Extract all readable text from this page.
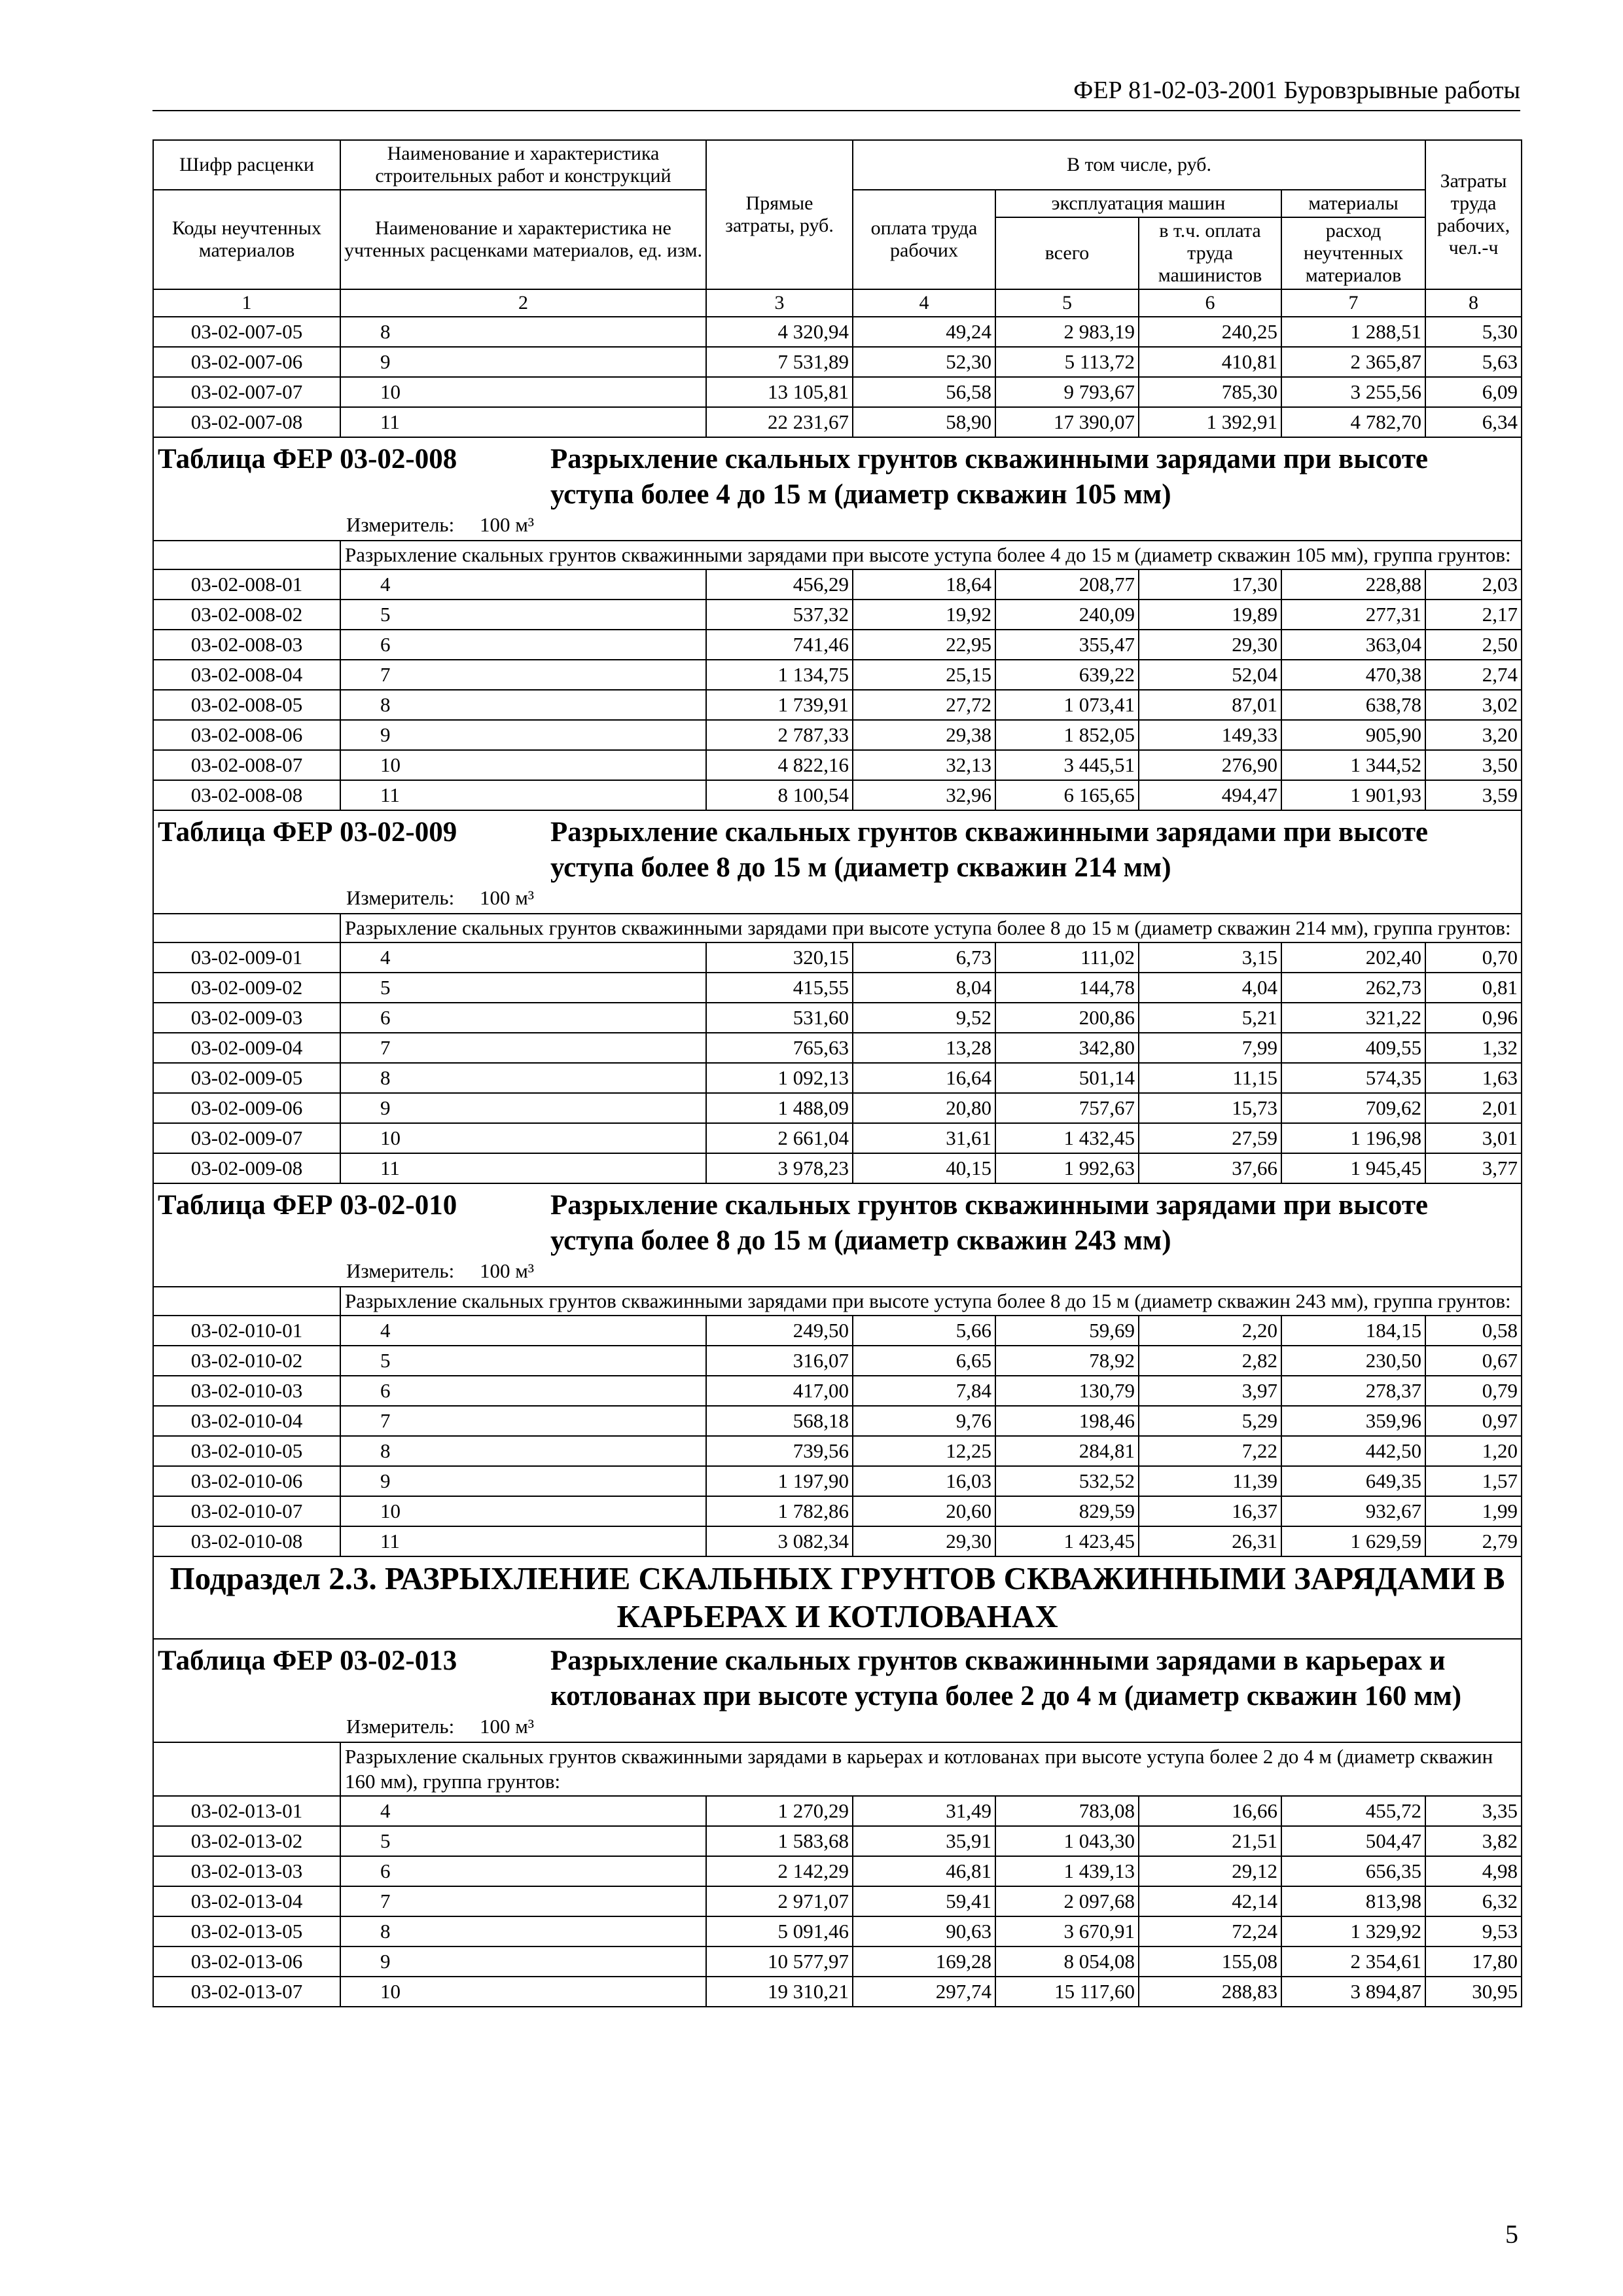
ФЕР 81-02-03-2001 Буровзрывные работы
Шифр расценки	Наименование и характеристика строительных работ и конструкций	Прямые затраты, руб.	В том числе, руб.				Затраты труда рабочих, чел.-ч
Коды неучтенных материалов	Наименование и характеристика не учтенных расценками материалов, ед. изм.						
			оплата труда рабочих	эксплуатация машин		материалы	
				всего	в т.ч. оплата труда машинистов	расход неучтенных материалов	
1	2	3	4	5	6	7	8
03-02-007-05	8	4 320,94	49,24	2 983,19	240,25	1 288,51	5,30
03-02-007-06	9	7 531,89	52,30	5 113,72	410,81	2 365,87	5,63
03-02-007-07	10	13 105,81	56,58	9 793,67	785,30	3 255,56	6,09
03-02-007-08	11	22 231,67	58,90	17 390,07	1 392,91	4 782,70	6,34

Таблица ФЕР 03-02-008 Разрыхление скальных грунтов скважинными зарядами при высоте уступа более 4 до 15 м (диаметр скважин 105 мм)
Измеритель: 100 м³							

	Разрыхление скальных грунтов скважинными зарядами при высоте уступа более 4 до 15 м (диаметр скважин 105 мм), группа грунтов:						
03-02-008-01	4	456,29	18,64	208,77	17,30	228,88	2,03
03-02-008-02	5	537,32	19,92	240,09	19,89	277,31	2,17
03-02-008-03	6	741,46	22,95	355,47	29,30	363,04	2,50
03-02-008-04	7	1 134,75	25,15	639,22	52,04	470,38	2,74
03-02-008-05	8	1 739,91	27,72	1 073,41	87,01	638,78	3,02
03-02-008-06	9	2 787,33	29,38	1 852,05	149,33	905,90	3,20
03-02-008-07	10	4 822,16	32,13	3 445,51	276,90	1 344,52	3,50
03-02-008-08	11	8 100,54	32,96	6 165,65	494,47	1 901,93	3,59

Таблица ФЕР 03-02-009 Разрыхление скальных грунтов скважинными зарядами при высоте уступа более 8 до 15 м (диаметр скважин 214 мм)
Измеритель: 100 м³							

	Разрыхление скальных грунтов скважинными зарядами при высоте уступа более 8 до 15 м (диаметр скважин 214 мм), группа грунтов:						
03-02-009-01	4	320,15	6,73	111,02	3,15	202,40	0,70
03-02-009-02	5	415,55	8,04	144,78	4,04	262,73	0,81
03-02-009-03	6	531,60	9,52	200,86	5,21	321,22	0,96
03-02-009-04	7	765,63	13,28	342,80	7,99	409,55	1,32
03-02-009-05	8	1 092,13	16,64	501,14	11,15	574,35	1,63
03-02-009-06	9	1 488,09	20,80	757,67	15,73	709,62	2,01
03-02-009-07	10	2 661,04	31,61	1 432,45	27,59	1 196,98	3,01
03-02-009-08	11	3 978,23	40,15	1 992,63	37,66	1 945,45	3,77

Таблица ФЕР 03-02-010 Разрыхление скальных грунтов скважинными зарядами при высоте уступа более 8 до 15 м (диаметр скважин 243 мм)
Измеритель: 100 м³							

	Разрыхление скальных грунтов скважинными зарядами при высоте уступа более 8 до 15 м (диаметр скважин 243 мм), группа грунтов:						
03-02-010-01	4	249,50	5,66	59,69	2,20	184,15	0,58
03-02-010-02	5	316,07	6,65	78,92	2,82	230,50	0,67
03-02-010-03	6	417,00	7,84	130,79	3,97	278,37	0,79
03-02-010-04	7	568,18	9,76	198,46	5,29	359,96	0,97
03-02-010-05	8	739,56	12,25	284,81	7,22	442,50	1,20
03-02-010-06	9	1 197,90	16,03	532,52	11,39	649,35	1,57
03-02-010-07	10	1 782,86	20,60	829,59	16,37	932,67	1,99
03-02-010-08	11	3 082,34	29,30	1 423,45	26,31	1 629,59	2,79
Подраздел 2.3. РАЗРЫХЛЕНИЕ СКАЛЬНЫХ ГРУНТОВ СКВАЖИННЫМИ ЗАРЯДАМИ В КАРЬЕРАХ И КОТЛОВАНАХ							

Таблица ФЕР 03-02-013 Разрыхление скальных грунтов скважинными зарядами в карьерах и котлованах при высоте уступа более 2 до 4 м (диаметр скважин 160 мм)
Измеритель: 100 м³							

	Разрыхление скальных грунтов скважинными зарядами в карьерах и котлованах при высоте уступа более 2 до 4 м (диаметр скважин 160 мм), группа грунтов:						
03-02-013-01	4	1 270,29	31,49	783,08	16,66	455,72	3,35
03-02-013-02	5	1 583,68	35,91	1 043,30	21,51	504,47	3,82
03-02-013-03	6	2 142,29	46,81	1 439,13	29,12	656,35	4,98
03-02-013-04	7	2 971,07	59,41	2 097,68	42,14	813,98	6,32
03-02-013-05	8	5 091,46	90,63	3 670,91	72,24	1 329,92	9,53
03-02-013-06	9	10 577,97	169,28	8 054,08	155,08	2 354,61	17,80
03-02-013-07	10	19 310,21	297,74	15 117,60	288,83	3 894,87	30,95
5
